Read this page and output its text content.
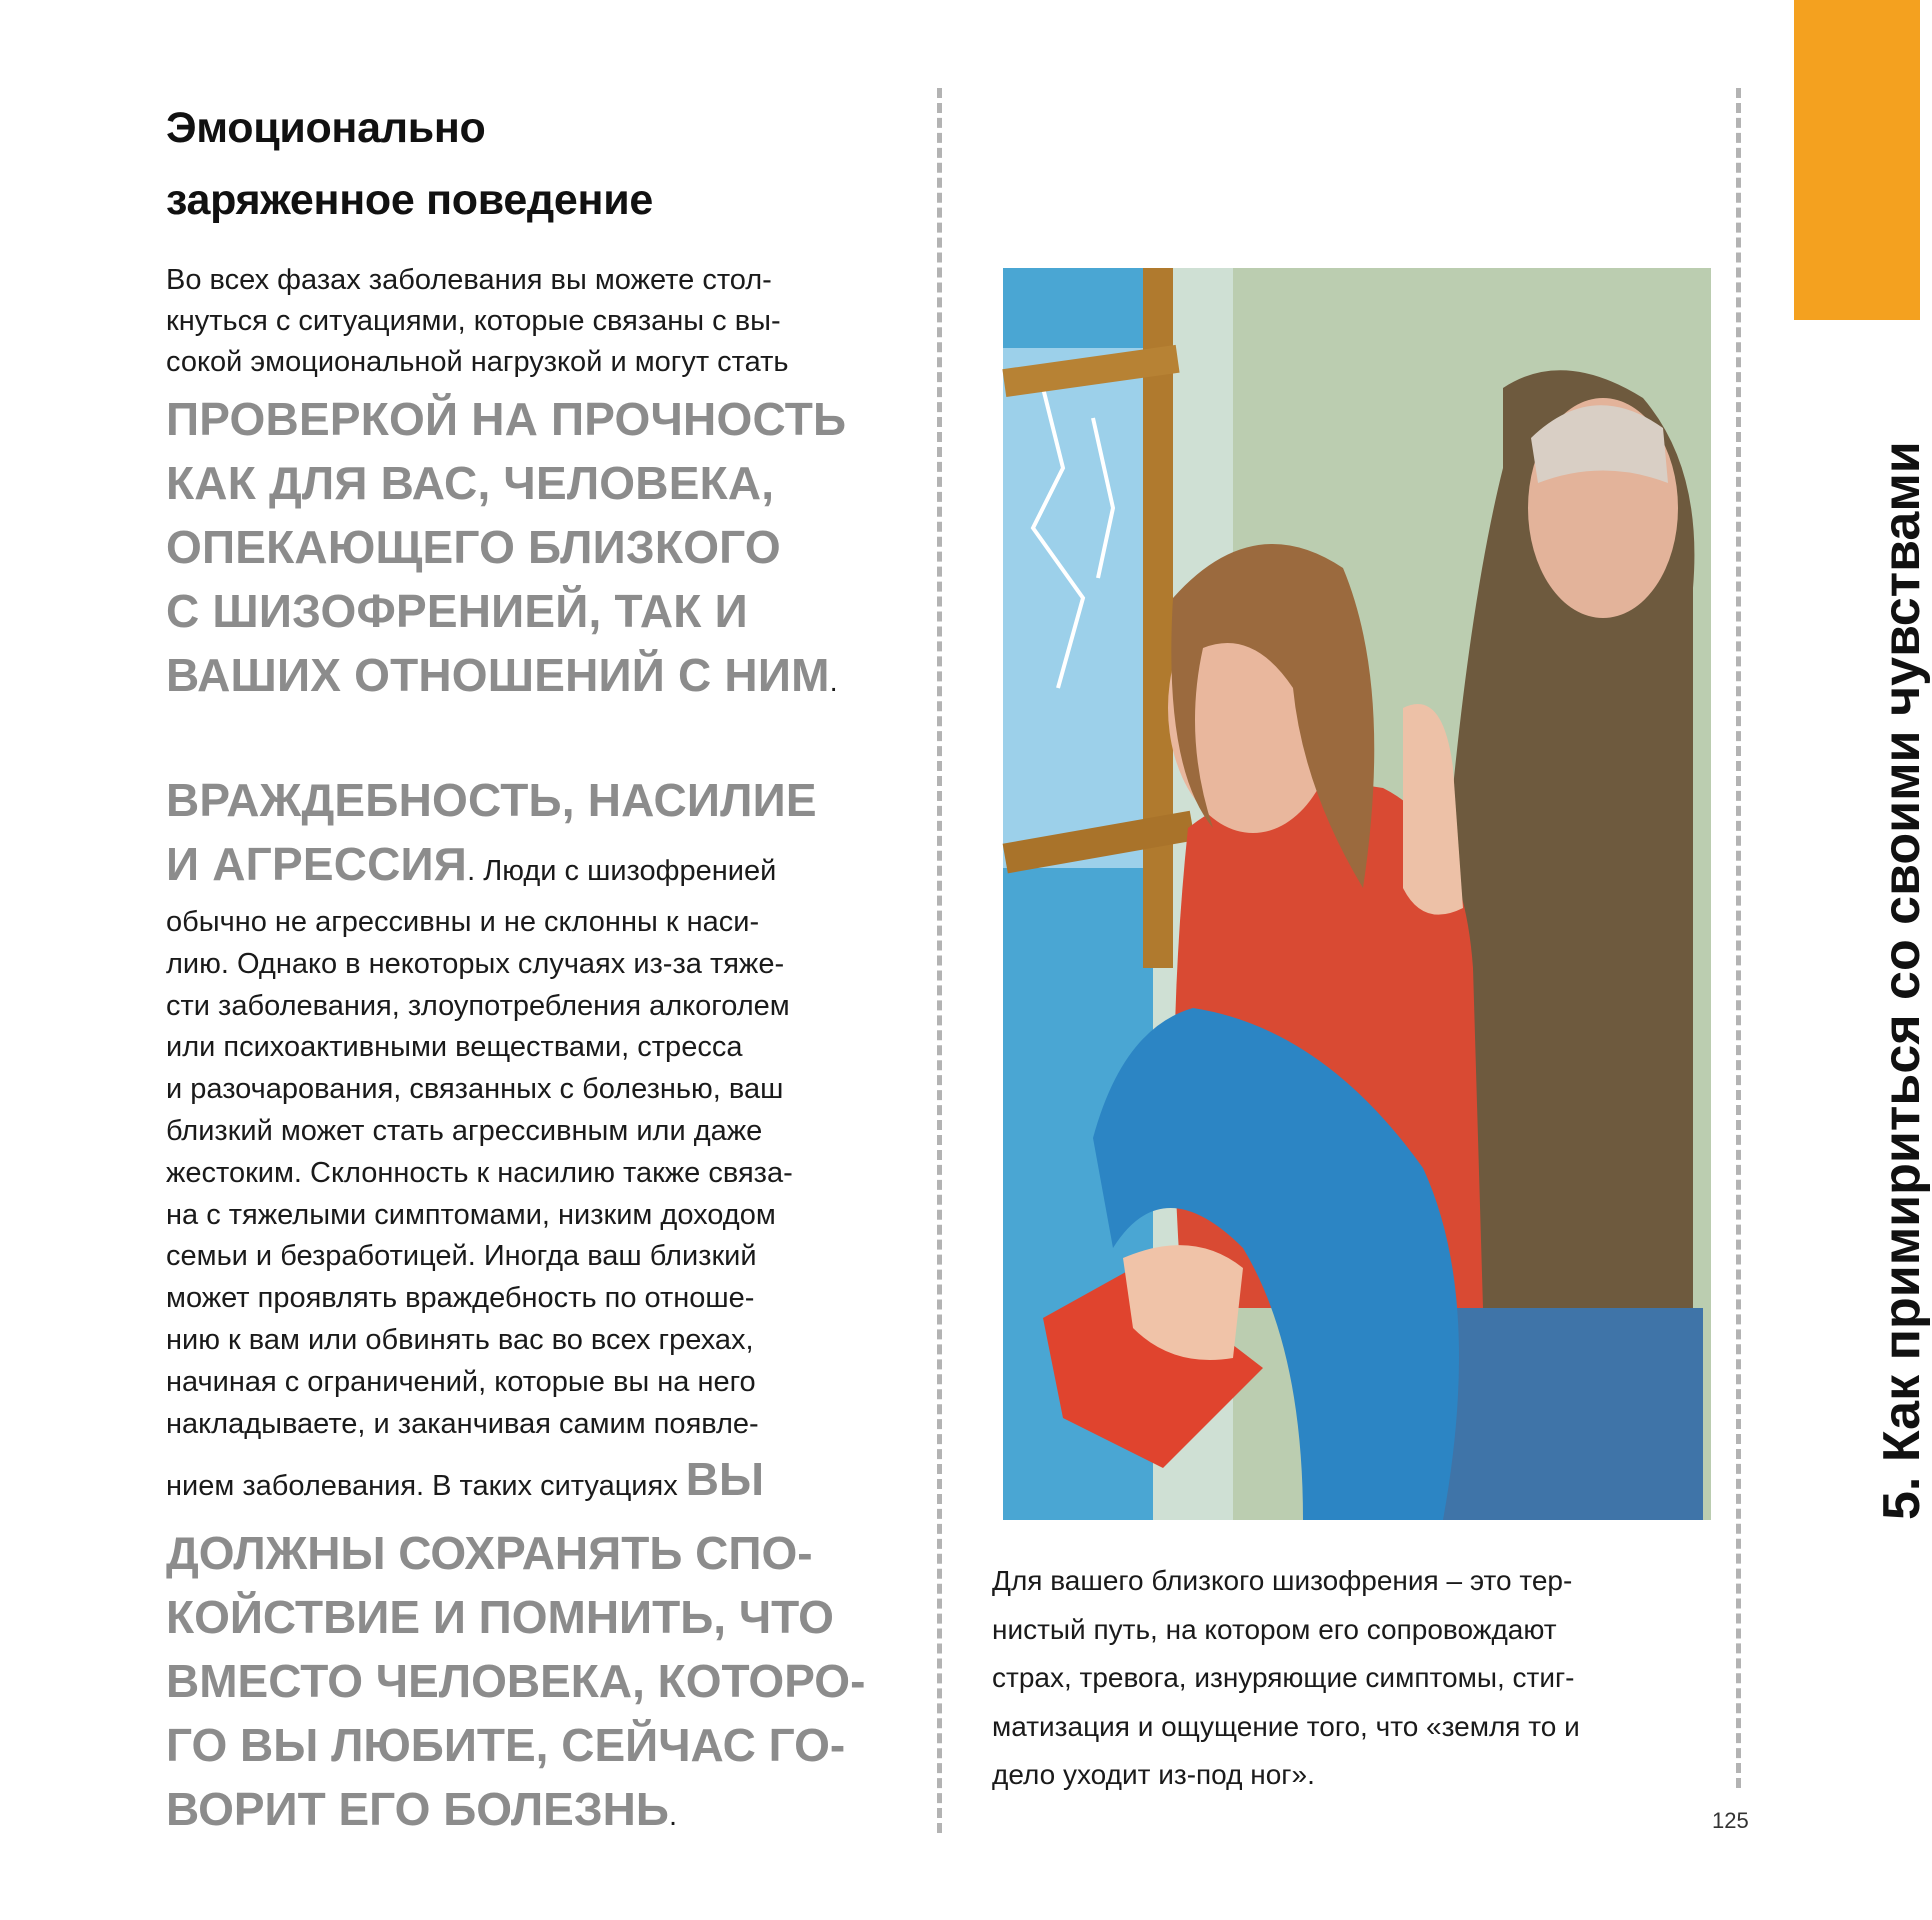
5. Как примириться со своими чувствами
Эмоционально
заряженное поведение
Во всех фазах заболевания вы можете стол-
кнуться с ситуациями, которые связаны с вы-
сокой эмоциональной нагрузкой и могут стать
ПРОВЕРКОЙ НА ПРОЧНОСТЬ
КАК ДЛЯ ВАС, ЧЕЛОВЕКА,
ОПЕКАЮЩЕГО БЛИЗКОГО
С ШИЗОФРЕНИЕЙ, ТАК И
ВАШИХ ОТНОШЕНИЙ С НИМ.
ВРАЖДЕБНОСТЬ, НАСИЛИЕ
И АГРЕССИЯ. Люди с шизофренией
обычно не агрессивны и не склонны к наси-
лию. Однако в некоторых случаях из-за тяже-
сти заболевания, злоупотребления алкоголем
или психоактивными веществами, стресса
и разочарования, связанных с болезнью, ваш
близкий может стать агрессивным или даже
жестоким. Склонность к насилию также связа-
на с тяжелыми симптомами, низким доходом
семьи и безработицей. Иногда ваш близкий
может проявлять враждебность по отноше-
нию к вам или обвинять вас во всех грехах,
начиная с ограничений, которые вы на него
накладываете, и заканчивая самим появле-
нием заболевания. В таких ситуациях ВЫ
ДОЛЖНЫ СОХРАНЯТЬ СПО-
КОЙСТВИЕ И ПОМНИТЬ, ЧТО
ВМЕСТО ЧЕЛОВЕКА, КОТОРО-
ГО ВЫ ЛЮБИТЕ, СЕЙЧАС ГО-
ВОРИТ ЕГО БОЛЕЗНЬ.
Для вашего близкого шизофрения – это тер-
нистый путь, на котором его сопровождают
страх, тревога, изнуряющие симптомы, стиг-
матизация и ощущение того, что «земля то и
дело уходит из-под ног».
125
